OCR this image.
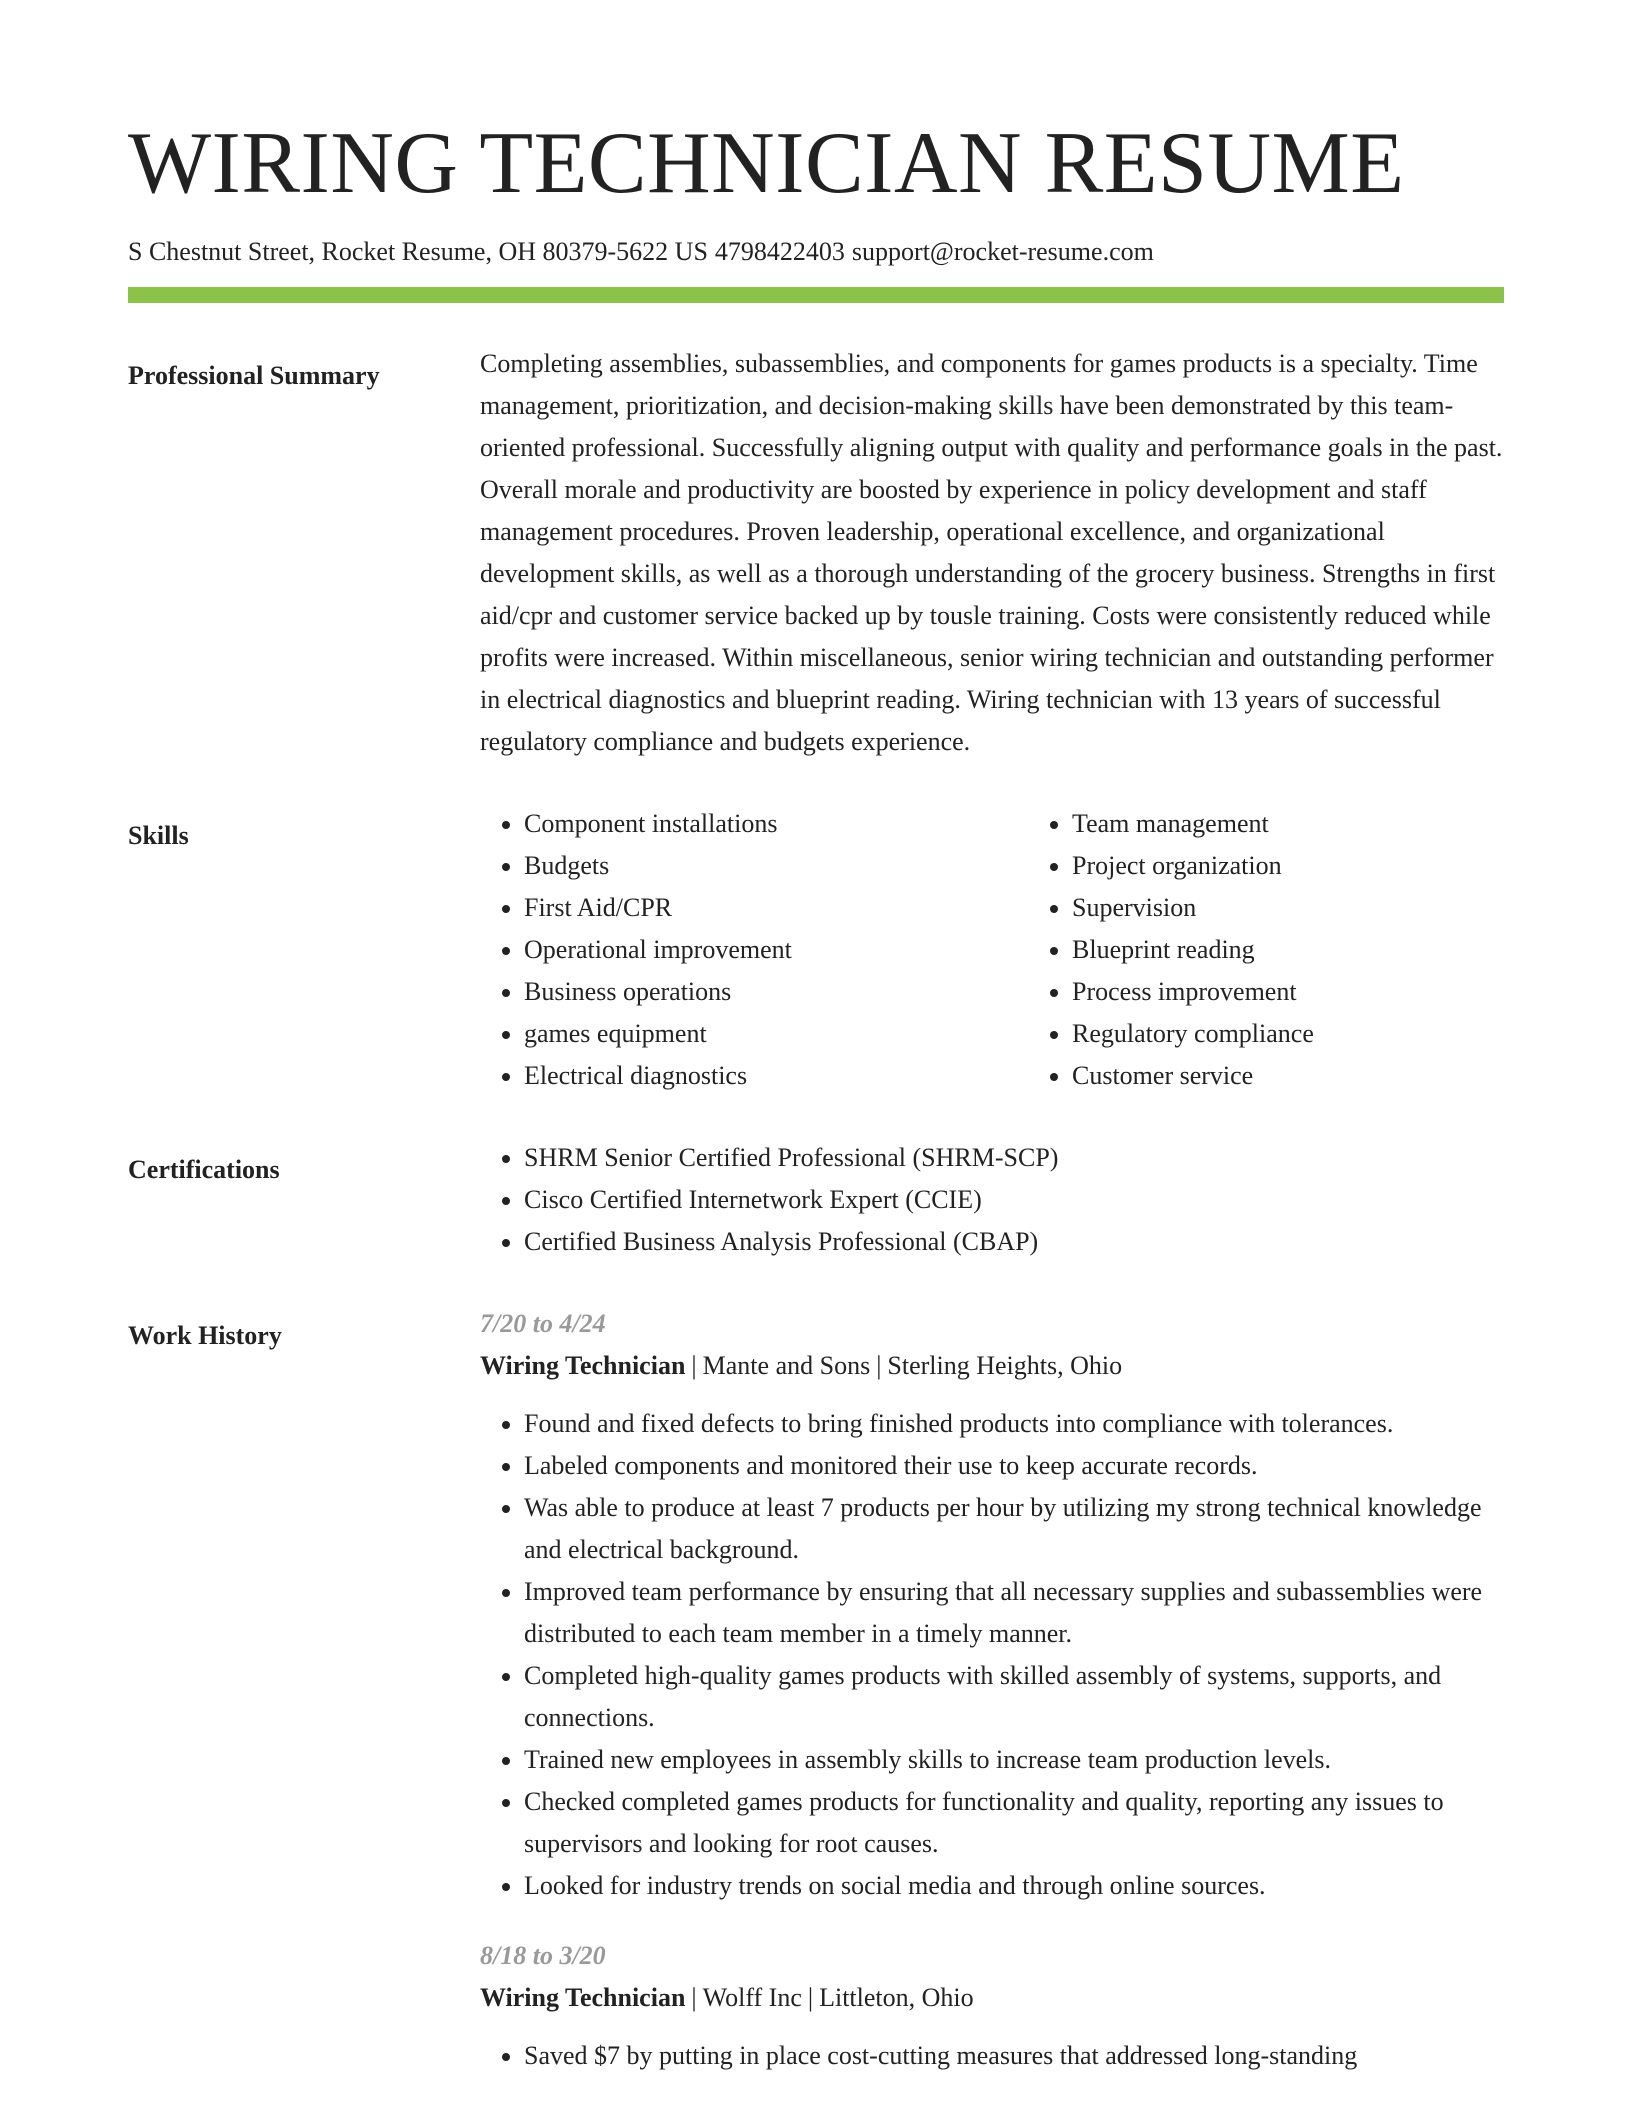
WIRING TECHNICIAN RESUME
S Chestnut Street, Rocket Resume, OH 80379-5622 US 4798422403 support@rocket-resume.com
Professional Summary	Completing assemblies, subassemblies, and components for games products is a specialty. Time management, prioritization, and decision-making skills have been demonstrated by this team-oriented professional. Successfully aligning output with quality and performance goals in the past. Overall morale and productivity are boosted by experience in policy development and staff management procedures. Proven leadership, operational excellence, and organizational development skills, as well as a thorough understanding of the grocery business. Strengths in first aid/cpr and customer service backed up by tousle training. Costs were consistently reduced while profits were increased. Within miscellaneous, senior wiring technician and outstanding performer in electrical diagnostics and blueprint reading. Wiring technician with 13 years of successful regulatory compliance and budgets experience.

Skills	• Component installations
• Budgets
• First Aid/CPR
• Operational improvement
• Business operations
• games equipment
• Electrical diagnostics
• Team management
• Project organization
• Supervision
• Blueprint reading
• Process improvement
• Regulatory compliance
• Customer service
Certifications	• SHRM Senior Certified Professional (SHRM-SCP)
• Cisco Certified Internetwork Expert (CCIE)
• Certified Business Analysis Professional (CBAP)
Work History	7/20 to 4/24

Wiring Technician | Mante and Sons | Sterling Heights, Ohio

• Found and fixed defects to bring finished products into compliance with tolerances.
• Labeled components and monitored their use to keep accurate records.
• Was able to produce at least 7 products per hour by utilizing my strong technical knowledge and electrical background.
• Improved team performance by ensuring that all necessary supplies and subassemblies were distributed to each team member in a timely manner.
• Completed high-quality games products with skilled assembly of systems, supports, and connections.
• Trained new employees in assembly skills to increase team production levels.
• Checked completed games products for functionality and quality, reporting any issues to supervisors and looking for root causes.
• Looked for industry trends on social media and through online sources.

8/18 to 3/20

Wiring Technician | Wolff Inc | Littleton, Ohio

• Saved $7 by putting in place cost-cutting measures that addressed long-standing
